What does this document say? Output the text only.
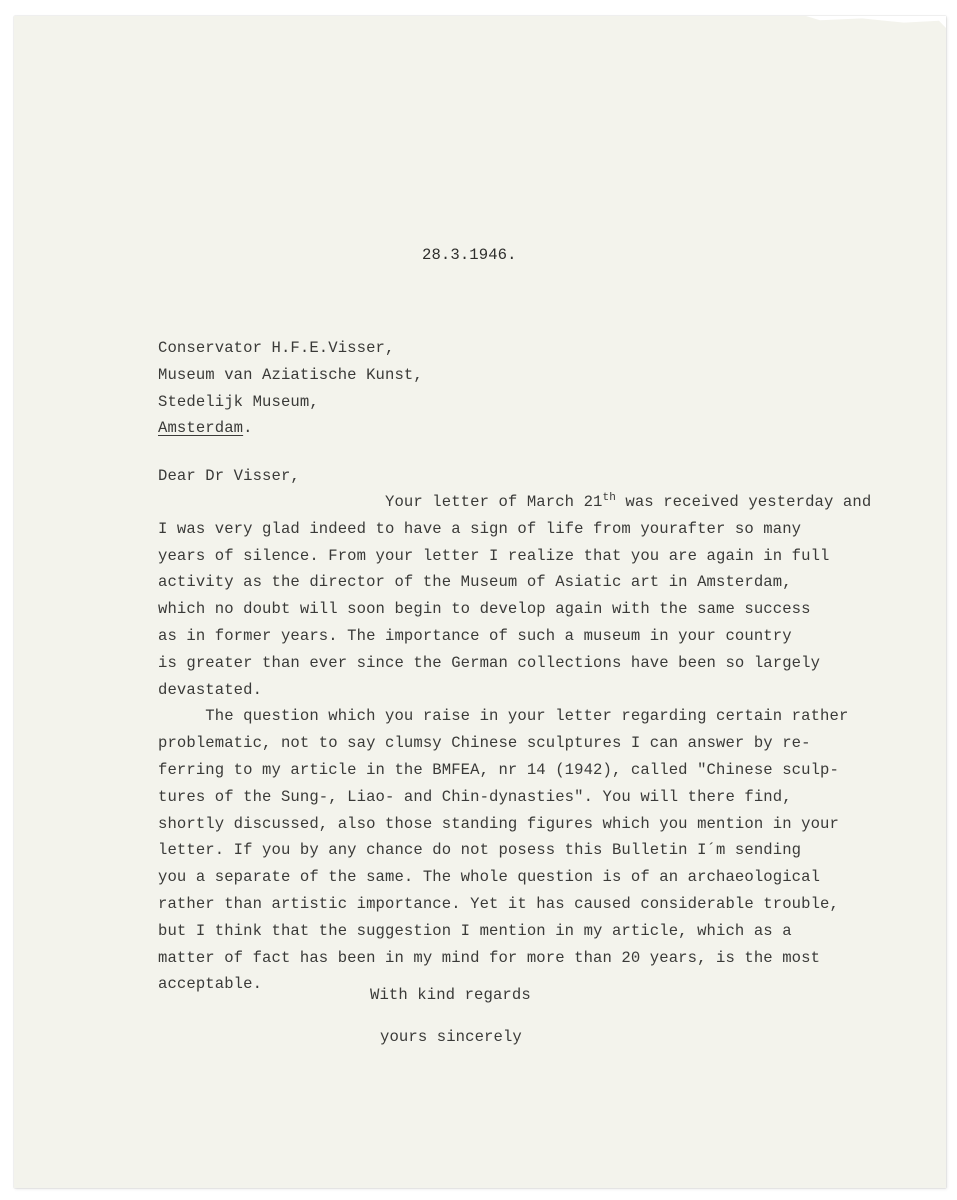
28.3.1946.
Conservator H.F.E.Visser,
Museum van Aziatische Kunst,
Stedelijk Museum,
Amsterdam.
Dear Dr Visser,
Your letter of March 21th was received yesterday and
I was very glad indeed to have a sign of life from yourafter so many
years of silence. From your letter I realize that you are again in full
activity as the director of the Museum of Asiatic art in Amsterdam,
which no doubt will soon begin to develop again with the same success
as in former years. The importance of such a museum in your country
is greater than ever since the German collections have been so largely
devastated.
The question which you raise in your letter regarding certain rather
problematic, not to say clumsy Chinese sculptures I can answer by re-
ferring to my article in the BMFEA, nr 14 (1942), called "Chinese sculp-
tures of the Sung-, Liao- and Chin-dynasties". You will there find,
shortly discussed, also those standing figures which you mention in your
letter. If you by any chance do not posess this Bulletin I´m sending
you a separate of the same. The whole question is of an archaeological
rather than artistic importance. Yet it has caused considerable trouble,
but I think that the suggestion I mention in my article, which as a
matter of fact has been in my mind for more than 20 years, is the most
acceptable.
With kind regards
yours sincerely
